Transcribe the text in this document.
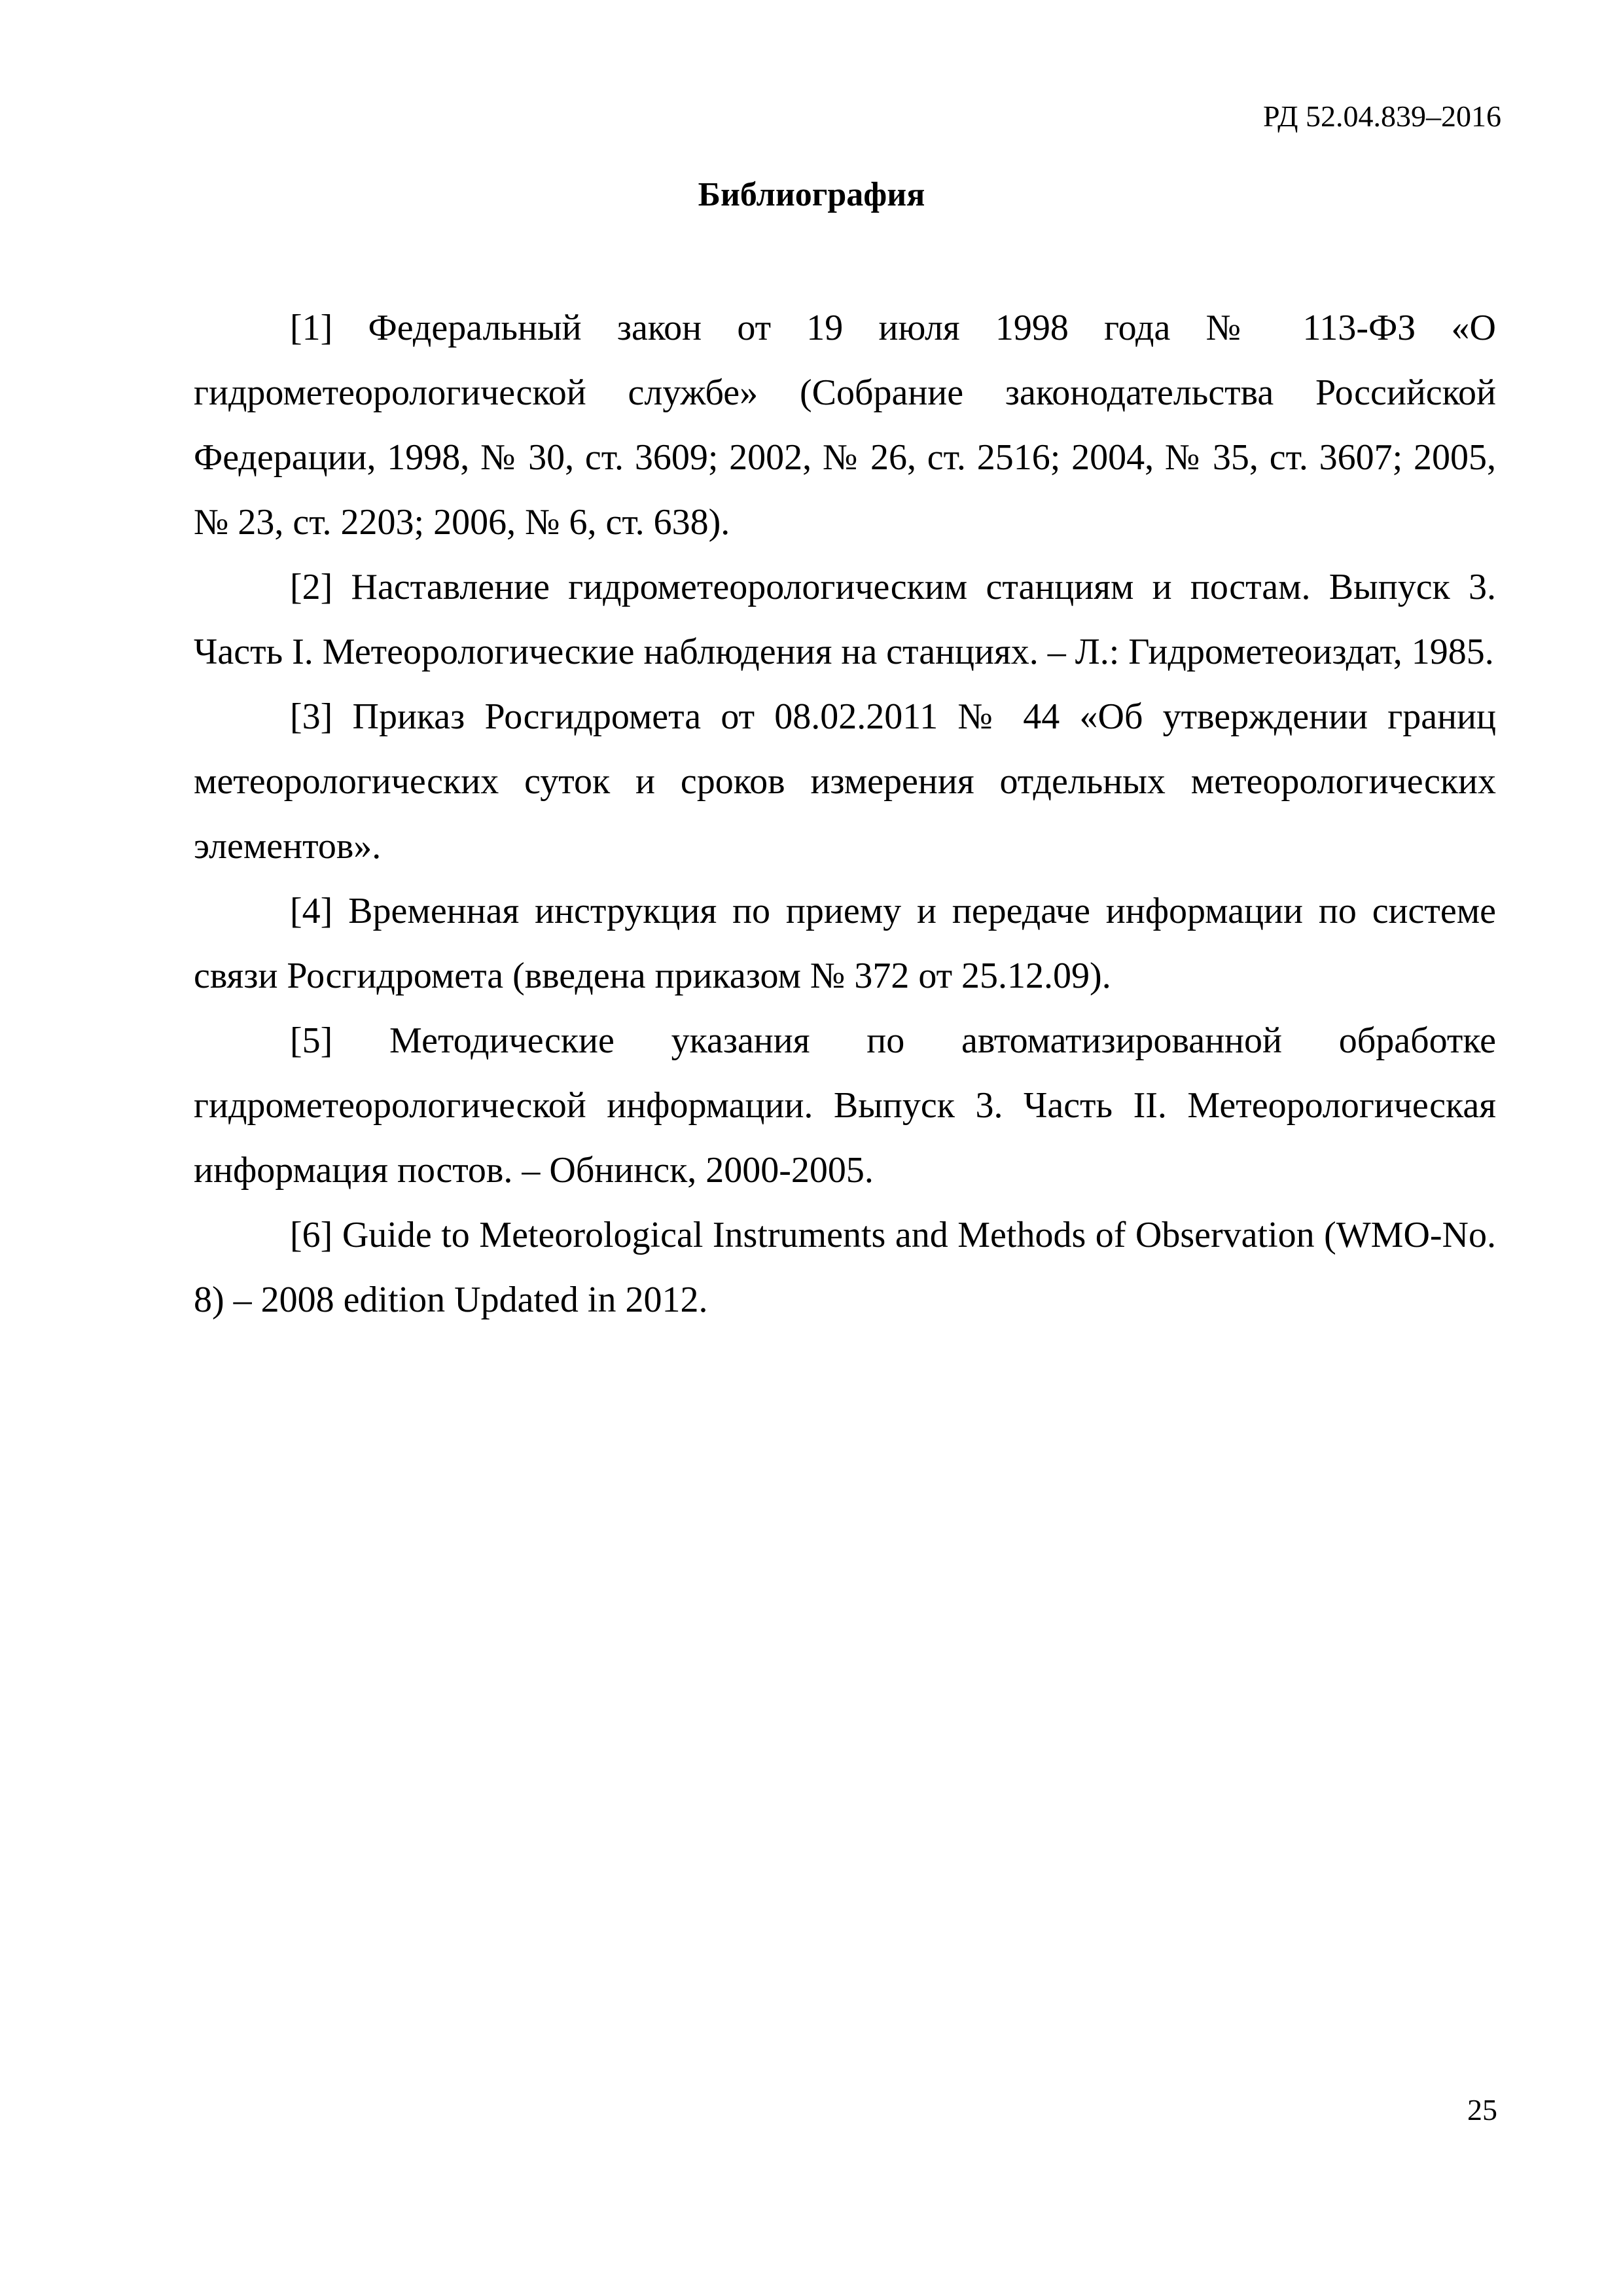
РД 52.04.839–2016
Библиография

[1] Федеральный закон от 19 июля 1998 года № 113-ФЗ «О гидрометеорологической службе» (Собрание законодательства Российской Федерации, 1998, № 30, ст. 3609; 2002, № 26, ст. 2516; 2004, № 35, ст. 3607; 2005, № 23, ст. 2203; 2006, № 6, ст. 638).

[2] Наставление гидрометеорологическим станциям и постам. Выпуск 3. Часть I. Метеорологические наблюдения на станциях. – Л.: Гидрометеоиздат, 1985.

[3] Приказ Росгидромета от 08.02.2011 № 44 «Об утверждении границ метеорологических суток и сроков измерения отдельных метеорологических элементов».

[4] Временная инструкция по приему и передаче информации по системе связи Росгидромета (введена приказом № 372 от 25.12.09).

[5] Методические указания по автоматизированной обработке гидрометеорологической информации. Выпуск 3. Часть II. Метеорологическая информация постов. – Обнинск, 2000-2005.

[6] Guide to Meteorological Instruments and Methods of Observation (WMO-No. 8) – 2008 edition Updated in 2012.

25
